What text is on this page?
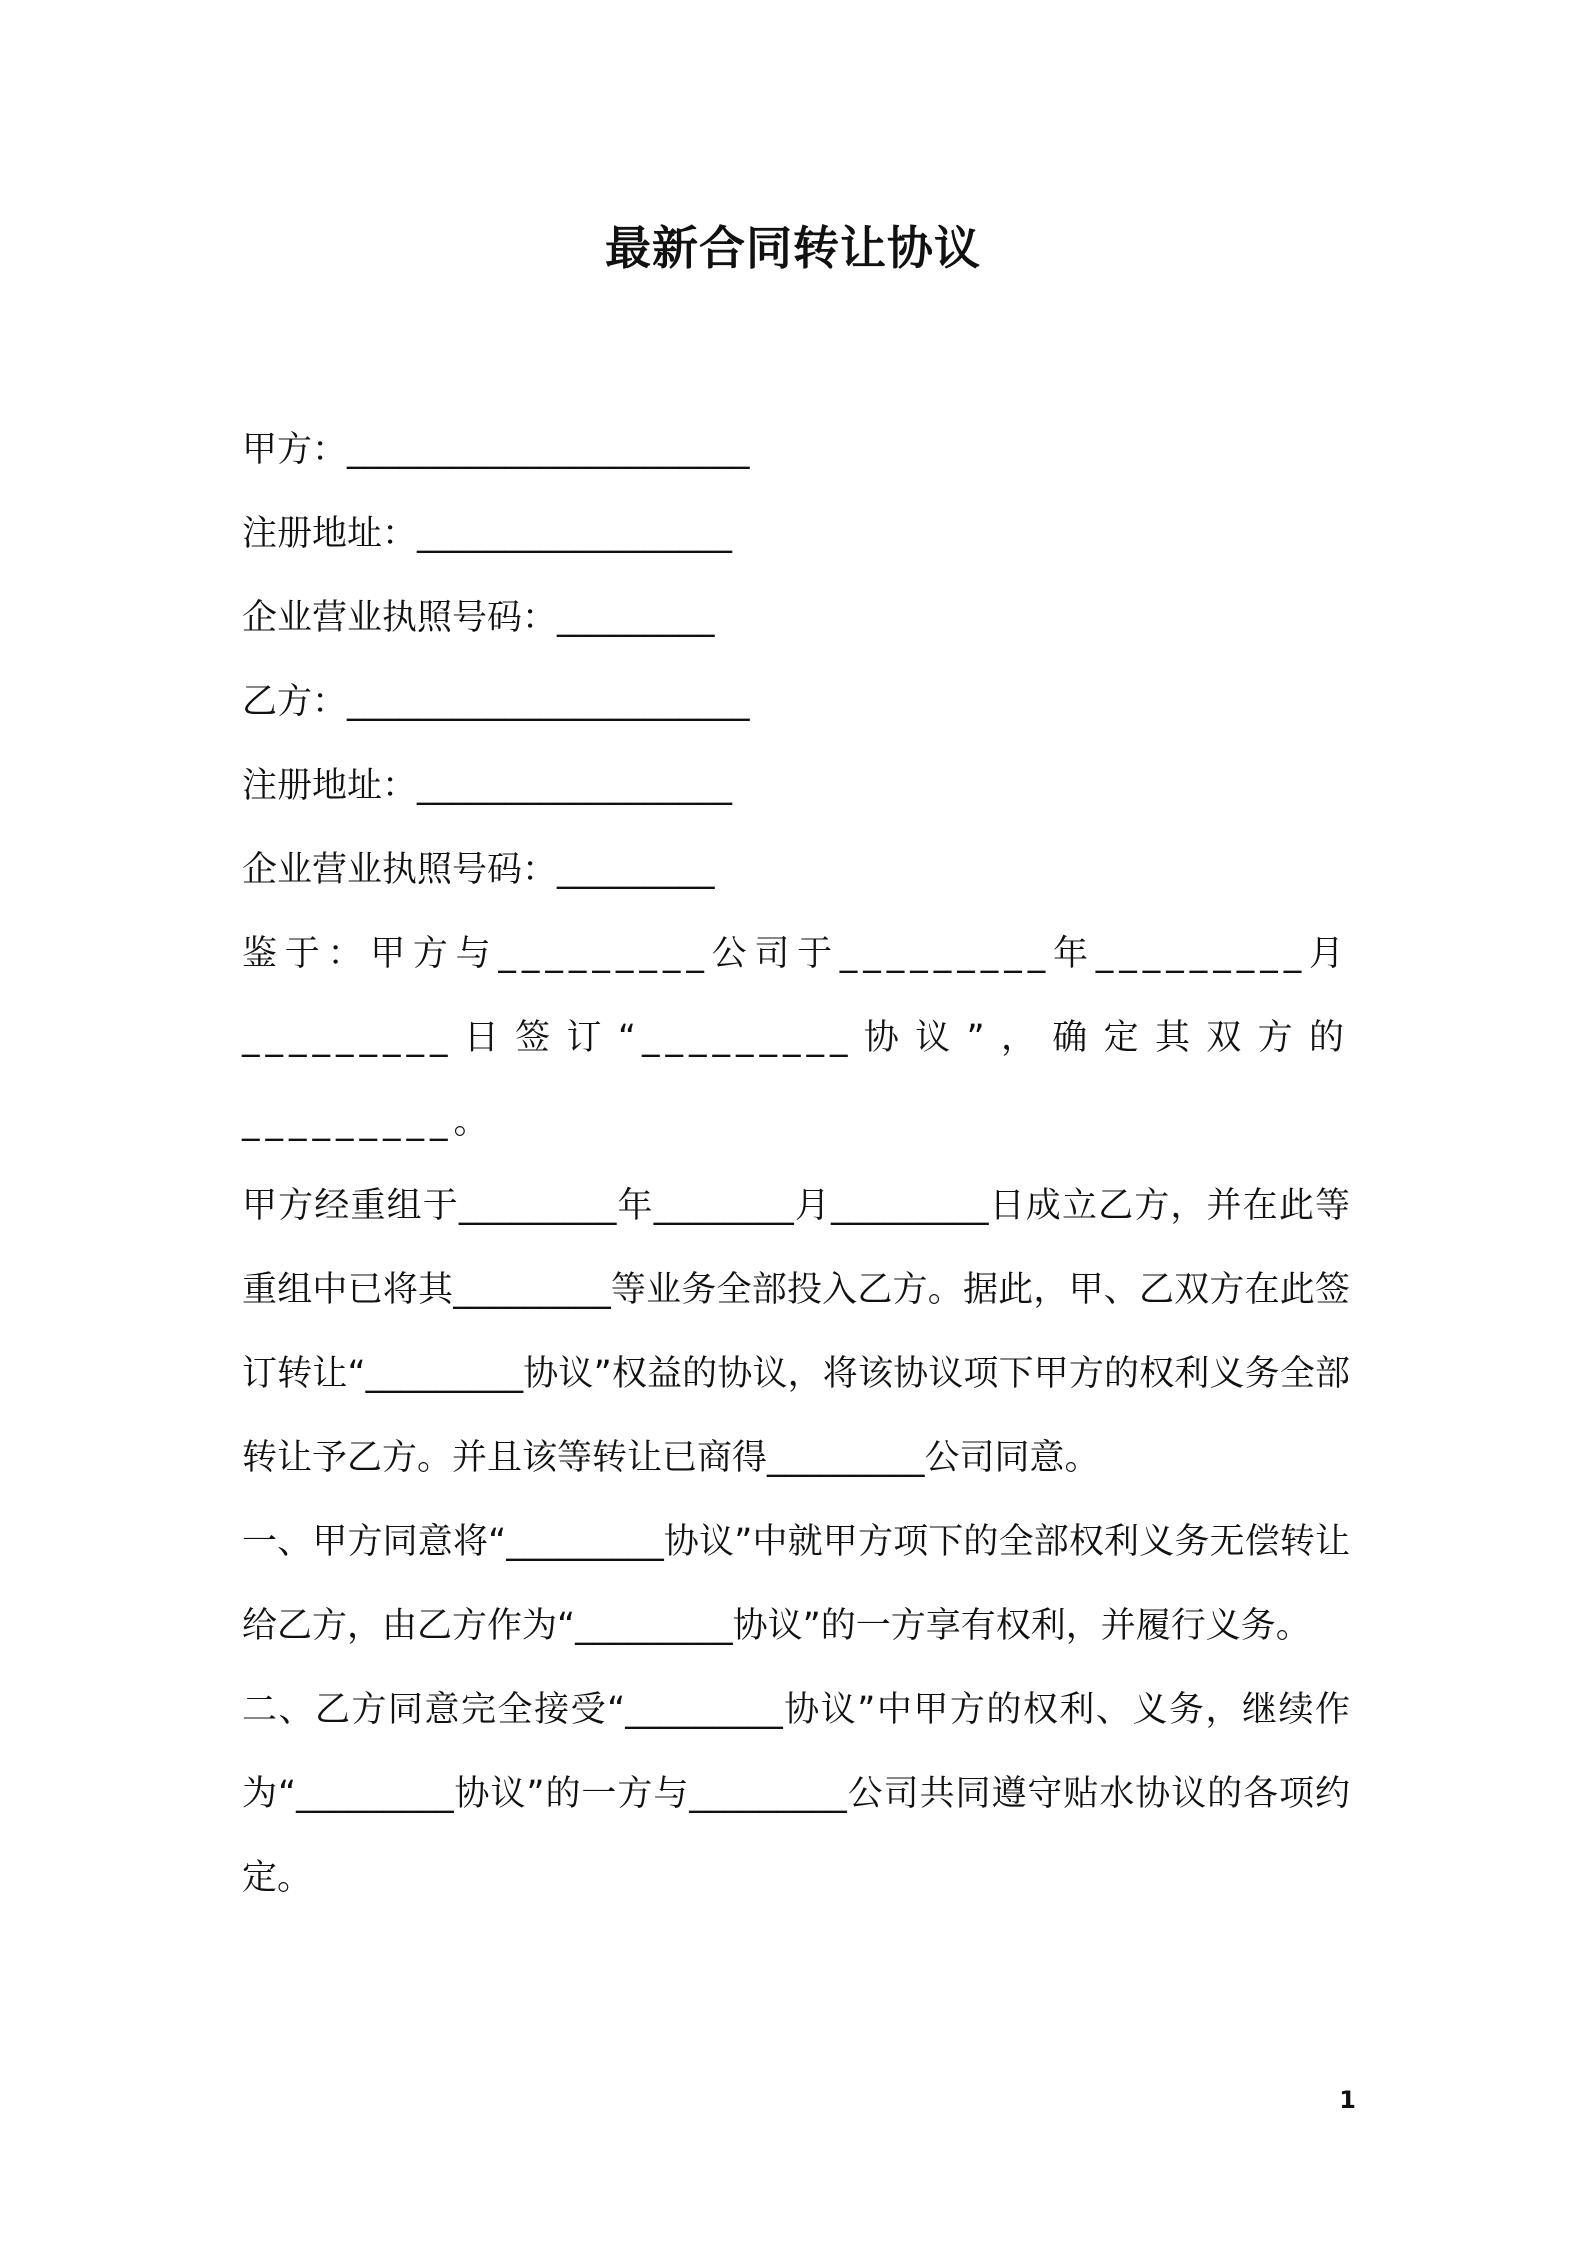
最新合同转让协议

甲方：_______________________

注册地址：__________________

企业营业执照号码：_________

乙方：_______________________

注册地址：__________________

企业营业执照号码：_________

鉴于：甲方与_________公司于_________年_________月_________日签订“_________协议”，确定其双方的_________。

甲方经重组于_________年________月_________日成立乙方，并在此等重组中已将其_________等业务全部投入乙方。据此，甲、乙双方在此签订转让“_________协议”权益的协议，将该协议项下甲方的权利义务全部转让予乙方。并且该等转让已商得_________公司同意。

一、甲方同意将“_________协议”中就甲方项下的全部权利义务无偿转让给乙方，由乙方作为“_________协议”的一方享有权利，并履行义务。

二、乙方同意完全接受“_________协议”中甲方的权利、义务，继续作为“_________协议”的一方与_________公司共同遵守贴水协议的各项约定。

1
